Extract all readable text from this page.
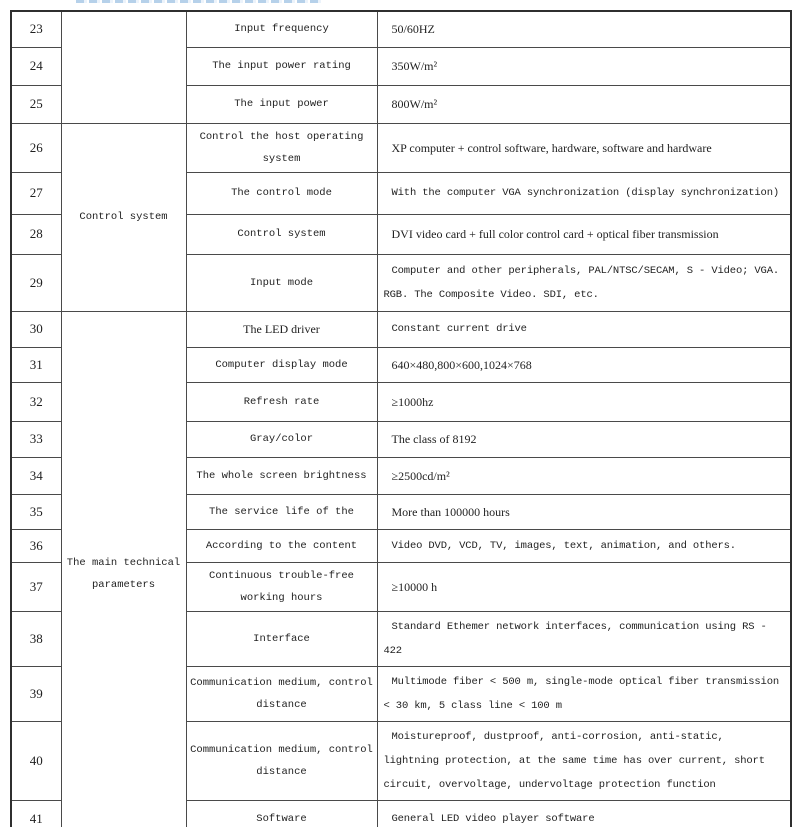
23		Input frequency	50/60HZ
24		The input power rating	350W/m²
25		The input power	800W/m²
26	Control system	Control the host operating system	XP computer + control software, hardware, software and hardware
27		The control mode	With the computer VGA synchronization (display synchronization)
28		Control system	DVI video card + full color control card + optical fiber transmission
29		Input mode	Computer and other peripherals, PAL/NTSC/SECAM, S - Video; VGA. RGB. The Composite Video. SDI, etc.
30	The main technical parameters	The LED driver	Constant current drive
31		Computer display mode	640×480,800×600,1024×768
32		Refresh rate	≥1000hz
33		Gray/color	The class of 8192
34		The whole screen brightness	≥2500cd/m²
35		The service life of the	More than 100000 hours
36		According to the content	Video DVD, VCD, TV, images, text, animation, and others.
37		Continuous trouble-free working hours	≥10000 h
38		Interface	Standard Ethemer network interfaces, communication using RS - 422
39		Communication medium, control distance	Multimode fiber < 500 m, single-mode optical fiber transmission < 30 km, 5 class line < 100 m
40		Communication medium, control distance	Moistureproof, dustproof, anti-corrosion, anti-static, lightning protection, at the same time has over current, short circuit, overvoltage, undervoltage protection function
41		Software	General LED video player software
